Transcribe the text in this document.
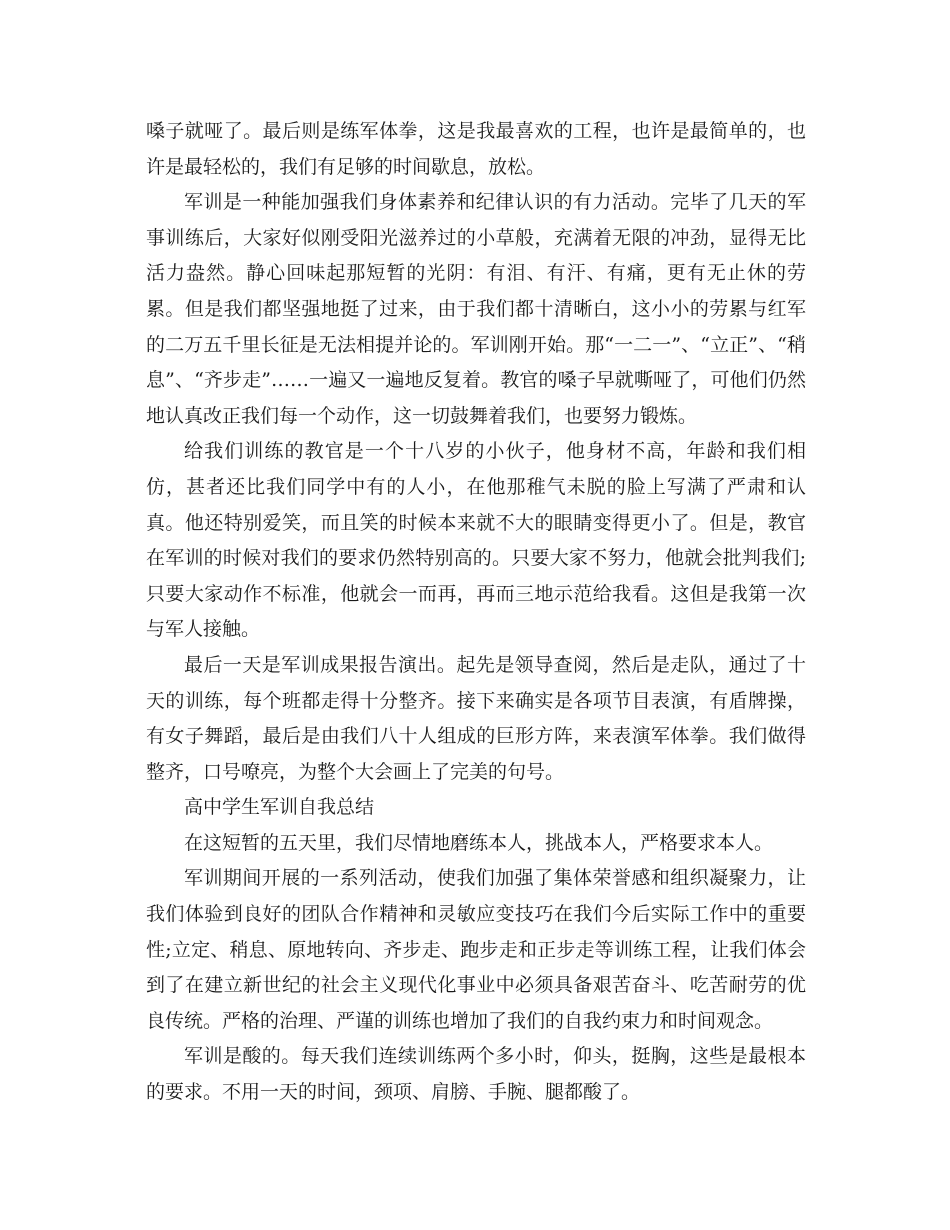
嗓子就哑了。最后则是练军体拳，这是我最喜欢的工程，也许是最简单的，也许是最轻松的，我们有足够的时间歇息，放松。

军训是一种能加强我们身体素养和纪律认识的有力活动。完毕了几天的军事训练后，大家好似刚受阳光滋养过的小草般，充满着无限的冲劲，显得无比活力盎然。静心回味起那短暂的光阴：有泪、有汗、有痛，更有无止休的劳累。但是我们都坚强地挺了过来，由于我们都十清晰白，这小小的劳累与红军的二万五千里长征是无法相提并论的。军训刚开始。那“一二一”、“立正”、“稍息”、“齐步走”……一遍又一遍地反复着。教官的嗓子早就嘶哑了，可他们仍然地认真改正我们每一个动作，这一切鼓舞着我们，也要努力锻炼。

给我们训练的教官是一个十八岁的小伙子，他身材不高，年龄和我们相仿，甚者还比我们同学中有的人小，在他那稚气未脱的脸上写满了严肃和认真。他还特别爱笑，而且笑的时候本来就不大的眼睛变得更小了。但是，教官在军训的时候对我们的要求仍然特别高的。只要大家不努力，他就会批判我们;只要大家动作不标准，他就会一而再，再而三地示范给我看。这但是我第一次与军人接触。

最后一天是军训成果报告演出。起先是领导查阅，然后是走队，通过了十天的训练，每个班都走得十分整齐。接下来确实是各项节目表演，有盾牌操，有女子舞蹈，最后是由我们八十人组成的巨形方阵，来表演军体拳。我们做得整齐，口号嘹亮，为整个大会画上了完美的句号。

高中学生军训自我总结

在这短暂的五天里，我们尽情地磨练本人，挑战本人，严格要求本人。

军训期间开展的一系列活动，使我们加强了集体荣誉感和组织凝聚力，让我们体验到良好的团队合作精神和灵敏应变技巧在我们今后实际工作中的重要性;立定、稍息、原地转向、齐步走、跑步走和正步走等训练工程，让我们体会到了在建立新世纪的社会主义现代化事业中必须具备艰苦奋斗、吃苦耐劳的优良传统。严格的治理、严谨的训练也增加了我们的自我约束力和时间观念。

军训是酸的。每天我们连续训练两个多小时，仰头，挺胸，这些是最根本的要求。不用一天的时间，颈项、肩膀、手腕、腿都酸了。
